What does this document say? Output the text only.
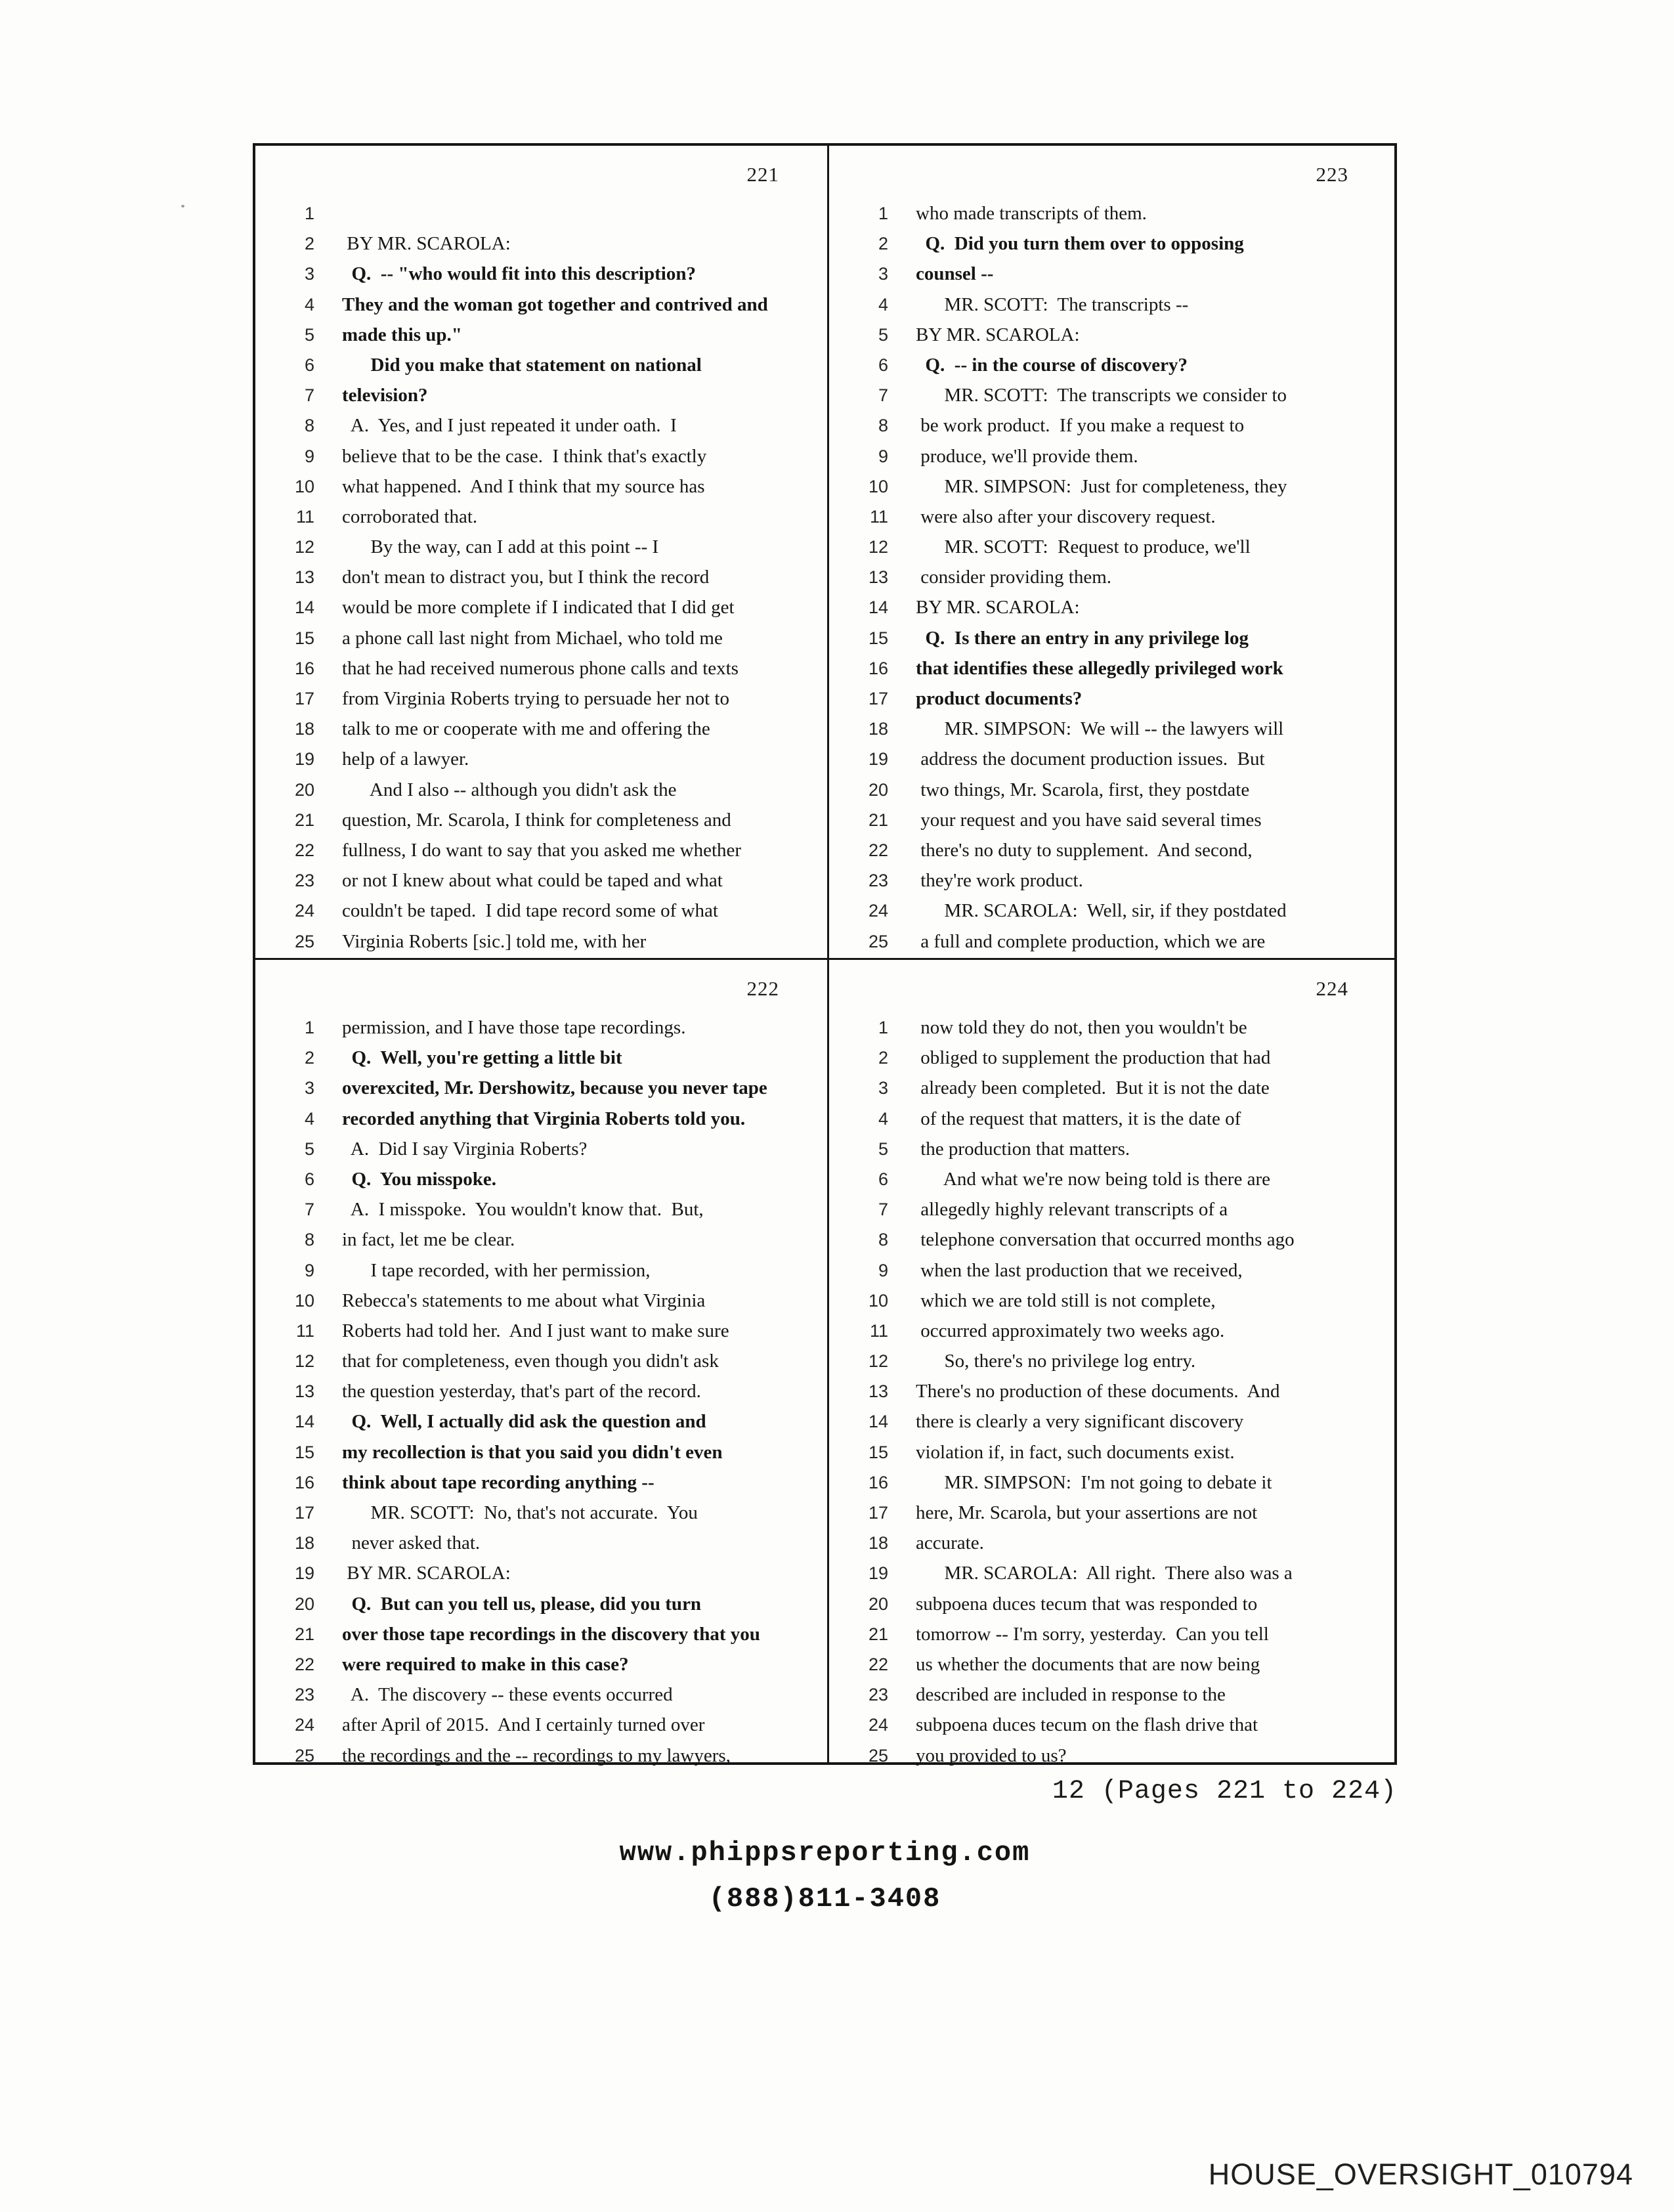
221
1
2	BY MR. SCAROLA:
3	Q.  -- "who would fit into this description?
4	They and the woman got together and contrived and
5	made this up."
6	Did you make that statement on national
7	television?
8	A.  Yes, and I just repeated it under oath.  I
9	believe that to be the case.  I think that's exactly
10	what happened.  And I think that my source has
11	corroborated that.
12	By the way, can I add at this point -- I
13	don't mean to distract you, but I think the record
14	would be more complete if I indicated that I did get
15	a phone call last night from Michael, who told me
16	that he had received numerous phone calls and texts
17	from Virginia Roberts trying to persuade her not to
18	talk to me or cooperate with me and offering the
19	help of a lawyer.
20	And I also -- although you didn't ask the
21	question, Mr. Scarola, I think for completeness and
22	fullness, I do want to say that you asked me whether
23	or not I knew about what could be taped and what
24	couldn't be taped.  I did tape record some of what
25	Virginia Roberts [sic.] told me, with her
223
1	who made transcripts of them.
2	Q.  Did you turn them over to opposing
3	counsel --
4	MR. SCOTT:  The transcripts --
5	BY MR. SCAROLA:
6	Q.  -- in the course of discovery?
7	MR. SCOTT:  The transcripts we consider to
8	be work product.  If you make a request to
9	produce, we'll provide them.
10	MR. SIMPSON:  Just for completeness, they
11	were also after your discovery request.
12	MR. SCOTT:  Request to produce, we'll
13	consider providing them.
14	BY MR. SCAROLA:
15	Q.  Is there an entry in any privilege log
16	that identifies these allegedly privileged work
17	product documents?
18	MR. SIMPSON:  We will -- the lawyers will
19	address the document production issues.  But
20	two things, Mr. Scarola, first, they postdate
21	your request and you have said several times
22	there's no duty to supplement.  And second,
23	they're work product.
24	MR. SCAROLA:  Well, sir, if they postdated
25	a full and complete production, which we are
222
1	permission, and I have those tape recordings.
2	Q.  Well, you're getting a little bit
3	overexcited, Mr. Dershowitz, because you never tape
4	recorded anything that Virginia Roberts told you.
5	A.  Did I say Virginia Roberts?
6	Q.  You misspoke.
7	A.  I misspoke.  You wouldn't know that.  But,
8	in fact, let me be clear.
9	I tape recorded, with her permission,
10	Rebecca's statements to me about what Virginia
11	Roberts had told her.  And I just want to make sure
12	that for completeness, even though you didn't ask
13	the question yesterday, that's part of the record.
14	Q.  Well, I actually did ask the question and
15	my recollection is that you said you didn't even
16	think about tape recording anything --
17	MR. SCOTT:  No, that's not accurate.  You
18	never asked that.
19	BY MR. SCAROLA:
20	Q.  But can you tell us, please, did you turn
21	over those tape recordings in the discovery that you
22	were required to make in this case?
23	A.  The discovery -- these events occurred
24	after April of 2015.  And I certainly turned over
25	the recordings and the -- recordings to my lawyers,
224
1	now told they do not, then you wouldn't be
2	obliged to supplement the production that had
3	already been completed.  But it is not the date
4	of the request that matters, it is the date of
5	the production that matters.
6	And what we're now being told is there are
7	allegedly highly relevant transcripts of a
8	telephone conversation that occurred months ago
9	when the last production that we received,
10	which we are told still is not complete,
11	occurred approximately two weeks ago.
12	So, there's no privilege log entry.
13	There's no production of these documents.  And
14	there is clearly a very significant discovery
15	violation if, in fact, such documents exist.
16	MR. SIMPSON:  I'm not going to debate it
17	here, Mr. Scarola, but your assertions are not
18	accurate.
19	MR. SCAROLA:  All right.  There also was a
20	subpoena duces tecum that was responded to
21	tomorrow -- I'm sorry, yesterday.  Can you tell
22	us whether the documents that are now being
23	described are included in response to the
24	subpoena duces tecum on the flash drive that
25	you provided to us?
12 (Pages 221 to 224)
www.phippsreporting.com
(888)811-3408
HOUSE_OVERSIGHT_010794
